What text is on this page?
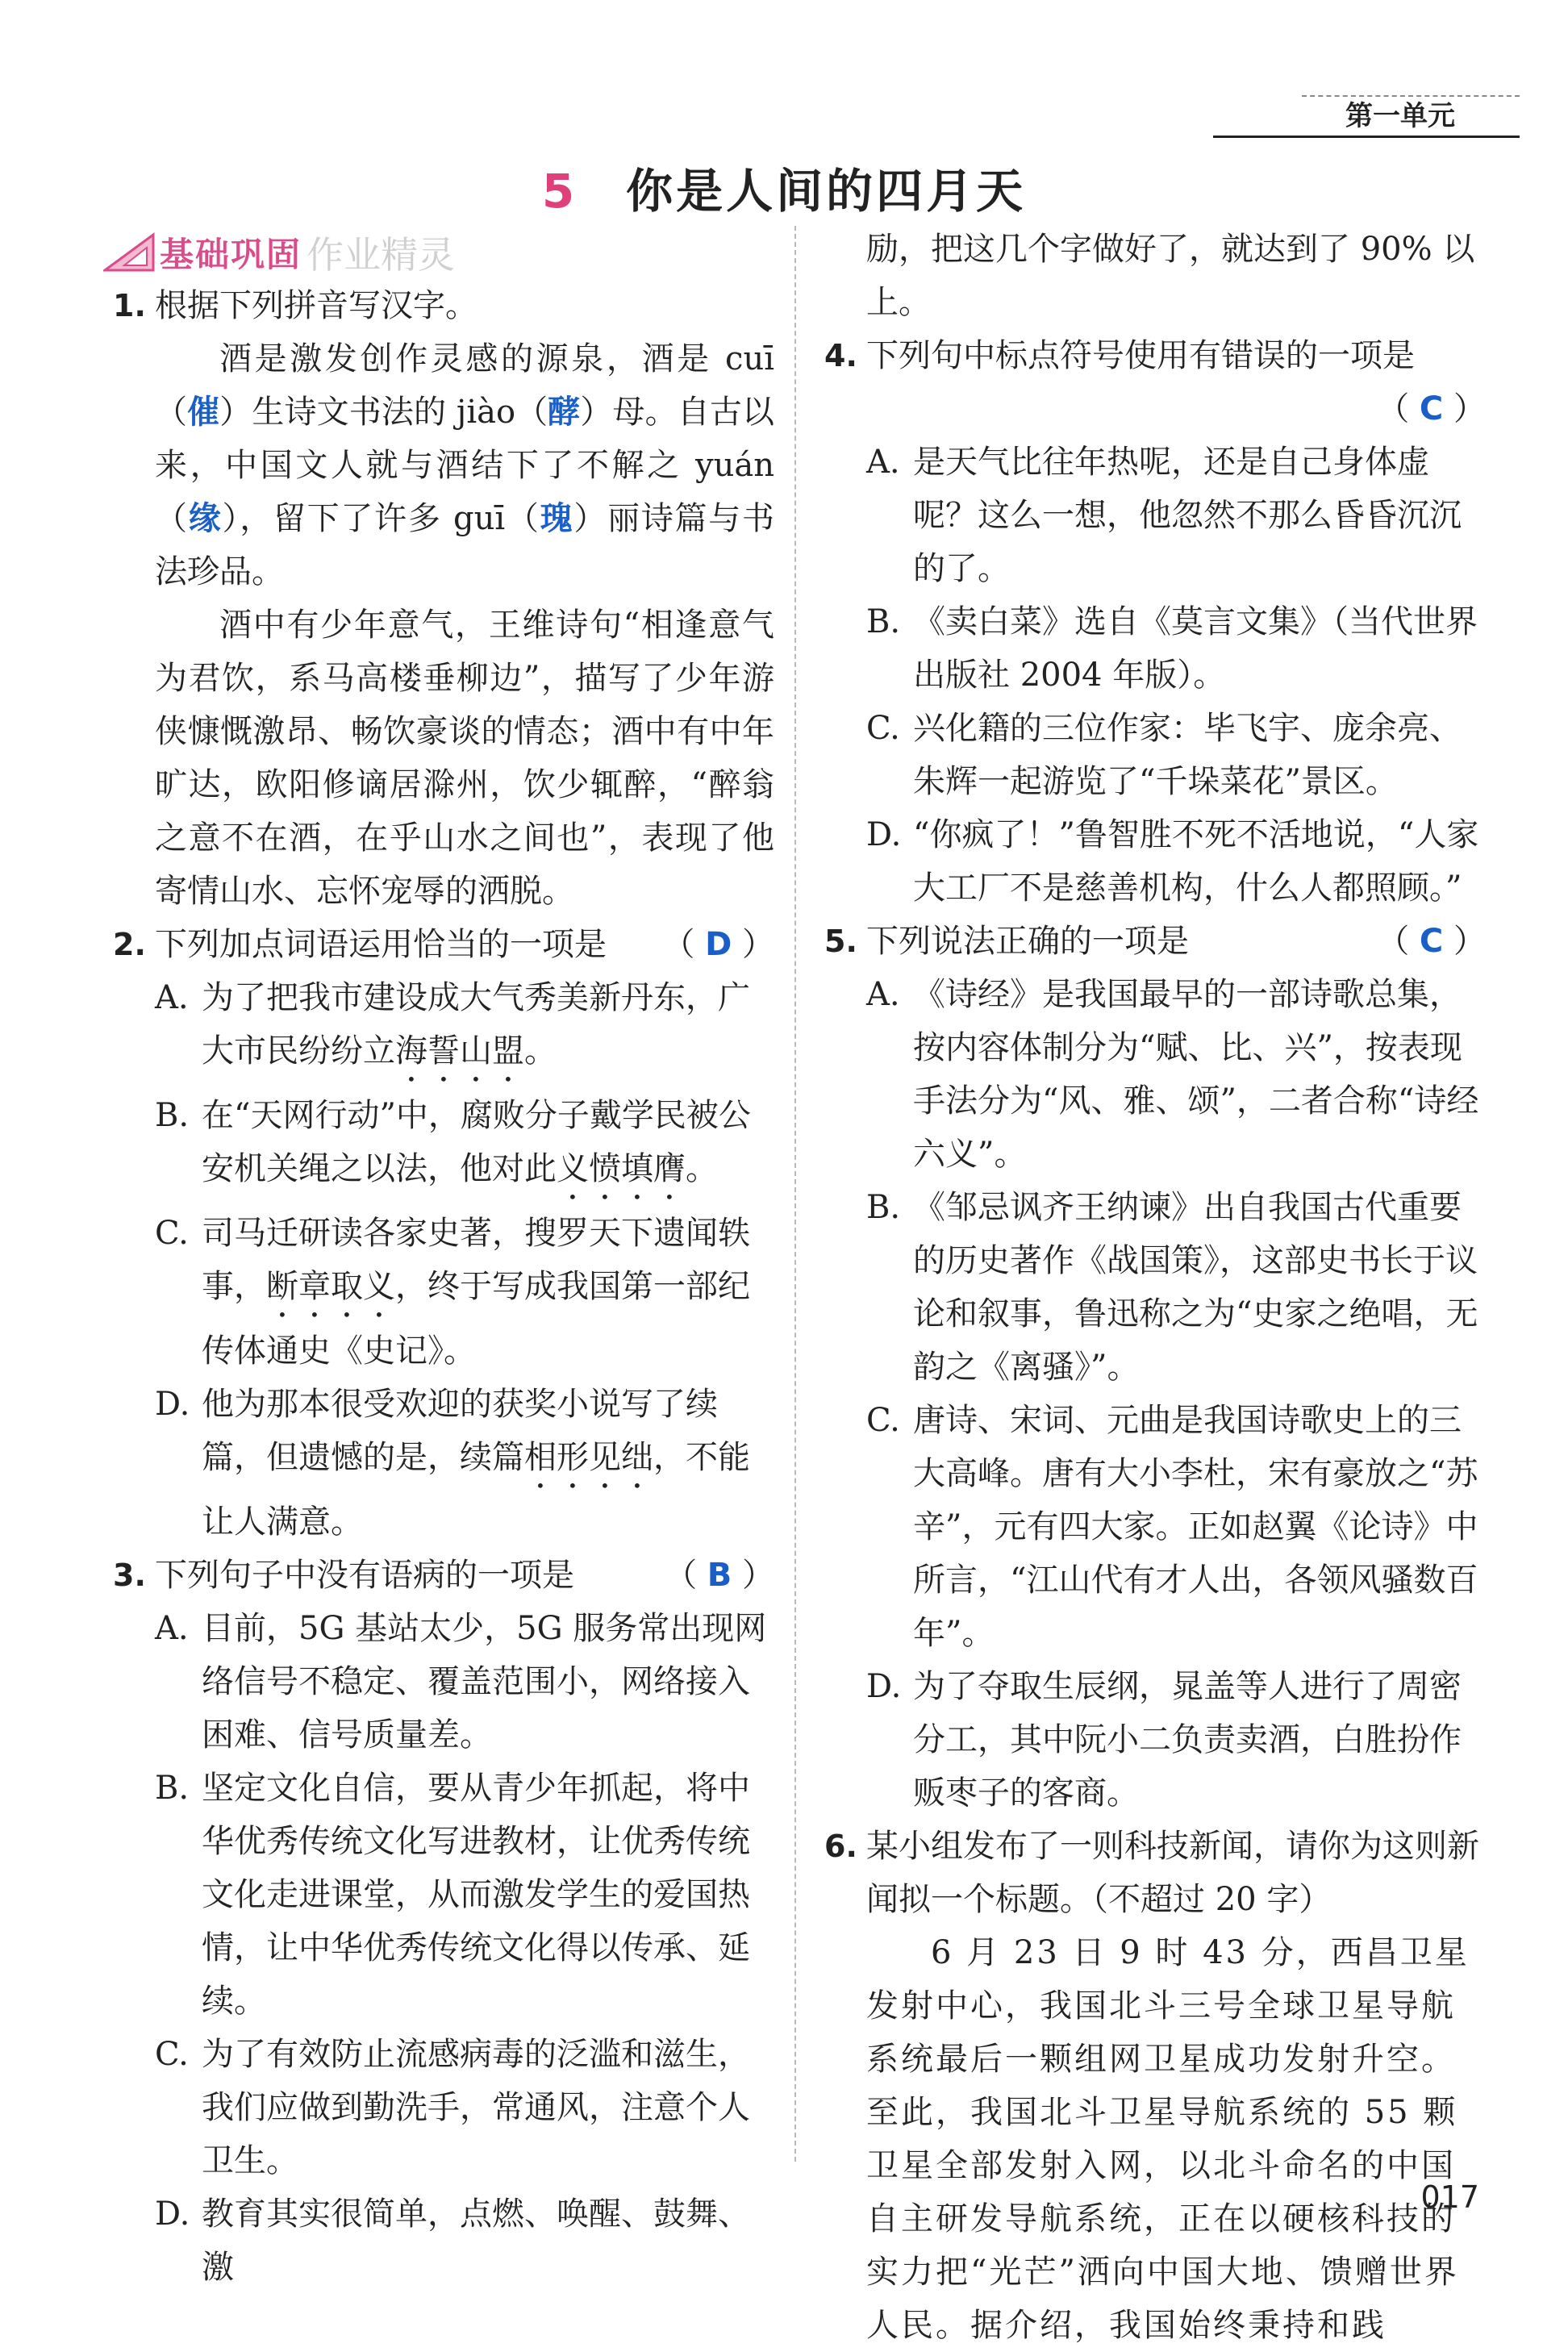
第一单元
5 你是人间的四月天
基础巩固 作业精灵
1. 根据下列拼音写汉字。

酒是激发创作灵感的源泉，酒是 cuī（催）生诗文书法的 jiào（酵）母。自古以来，中国文人就与酒结下了不解之 yuán（缘），留下了许多 guī（瑰）丽诗篇与书法珍品。

酒中有少年意气，王维诗句“相逢意气为君饮，系马高楼垂柳边”，描写了少年游侠慷慨激昂、畅饮豪谈的情态；酒中有中年旷达，欧阳修谪居滁州，饮少辄醉，“醉翁之意不在酒，在乎山水之间也”，表现了他寄情山水、忘怀宠辱的洒脱。

2. 下列加点词语运用恰当的一项是 （ D ）

A. 为了把我市建设成大气秀美新丹东，广大市民纷纷立海誓山盟。

B. 在“天网行动”中，腐败分子戴学民被公安机关绳之以法，他对此义愤填膺。

C. 司马迁研读各家史著，搜罗天下遗闻轶事，断章取义，终于写成我国第一部纪传体通史《史记》。

D. 他为那本很受欢迎的获奖小说写了续篇，但遗憾的是，续篇相形见绌，不能让人满意。

3. 下列句子中没有语病的一项是	（ B ）

A. 目前，5G 基站太少，5G 服务常出现网络信号不稳定、覆盖范围小，网络接入困难、信号质量差。

B. 坚定文化自信，要从青少年抓起，将中华优秀传统文化写进教材，让优秀传统文化走进课堂，从而激发学生的爱国热情，让中华优秀传统文化得以传承、延续。

C. 为了有效防止流感病毒的泛滥和滋生，我们应做到勤洗手，常通风，注意个人卫生。

D. 教育其实很简单，点燃、唤醒、鼓舞、激

励，把这几个字做好了，就达到了 90% 以上。

4. 下列句中标点符号使用有错误的一项是
（ C ）

A. 是天气比往年热呢，还是自己身体虚呢？这么一想，他忽然不那么昏昏沉沉的了。

B. 《卖白菜》选自《莫言文集》（当代世界出版社 2004 年版）。

C. 兴化籍的三位作家：毕飞宇、庞余亮、朱辉一起游览了“千垛菜花”景区。

D. “你疯了！”鲁智胜不死不活地说，“人家大工厂不是慈善机构，什么人都照顾。”

5. 下列说法正确的一项是	（ C ）

A. 《诗经》是我国最早的一部诗歌总集，按内容体制分为“赋、比、兴”，按表现手法分为“风、雅、颂”，二者合称“诗经六义”。

B. 《邹忌讽齐王纳谏》出自我国古代重要的历史著作《战国策》，这部史书长于议论和叙事，鲁迅称之为“史家之绝唱，无韵之《离骚》”。

C. 唐诗、宋词、元曲是我国诗歌史上的三大高峰。唐有大小李杜，宋有豪放之“苏辛”，元有四大家。正如赵翼《论诗》中所言，“江山代有才人出，各领风骚数百年”。

D. 为了夺取生辰纲，晁盖等人进行了周密分工，其中阮小二负责卖酒，白胜扮作贩枣子的客商。

6. 某小组发布了一则科技新闻，请你为这则新闻拟一个标题。（不超过 20 字）

6 月 23 日 9 时 43 分，西昌卫星发射中心，我国北斗三号全球卫星导航系统最后一颗组网卫星成功发射升空。至此，我国北斗卫星导航系统的 55 颗卫星全部发射入网，以北斗命名的中国自主研发导航系统，正在以硬核科技的实力把“光芒”洒向中国大地、馈赠世界人民。据介绍，我国始终秉持和践

017
